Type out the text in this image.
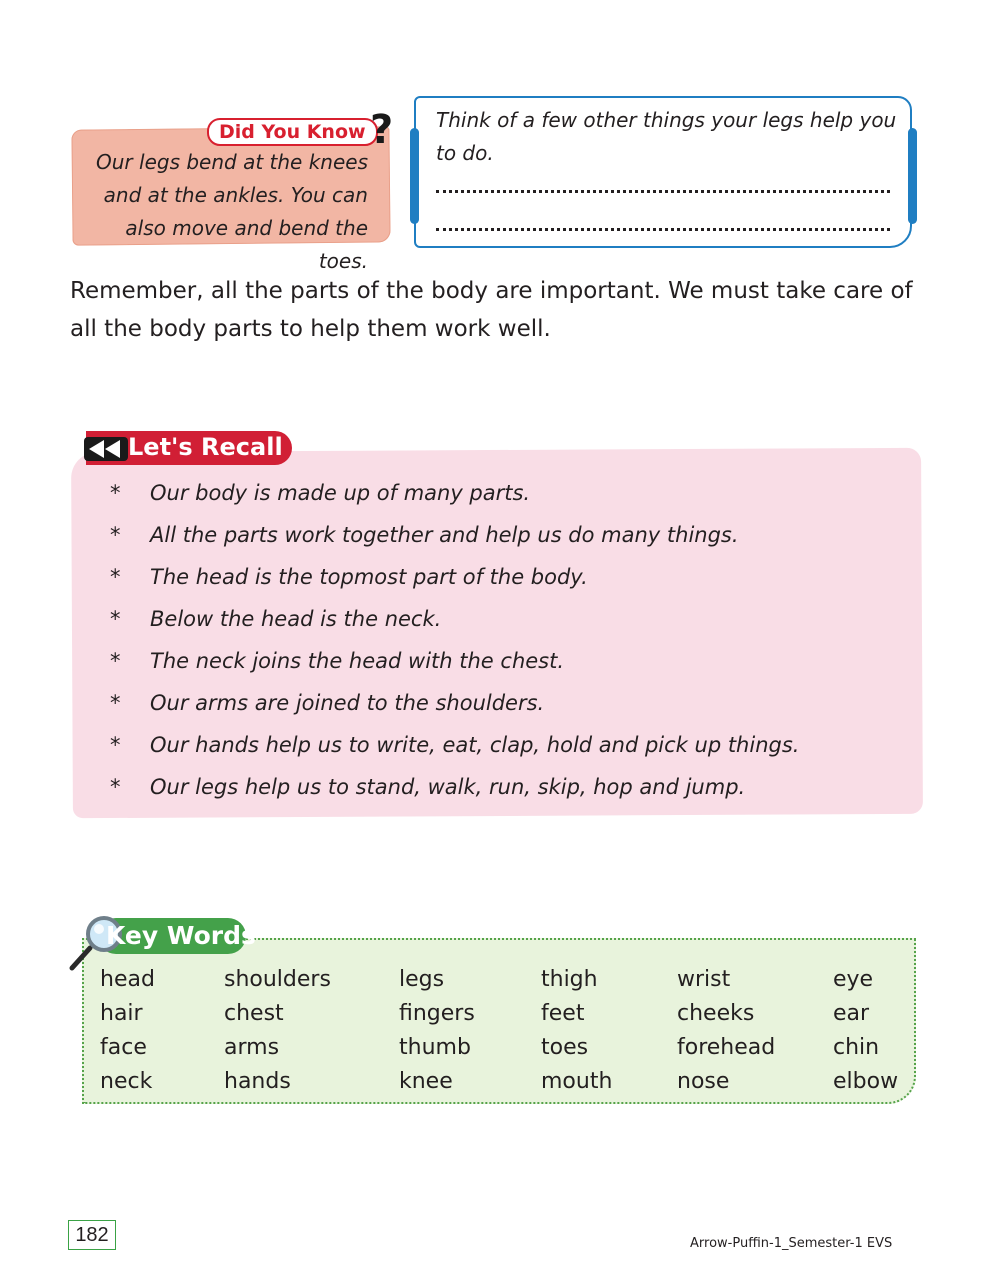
Did You Know ?
Our legs bend at the knees
and at the ankles. You can
also move and bend the toes.
Think of a few other things your legs help you
to do.
Remember, all the parts of the body are important. We must take care of
all the body parts to help them work well.
Let's Recall
* Our body is made up of many parts.
* All the parts work together and help us do many things.
* The head is the topmost part of the body.
* Below the head is the neck.
* The neck joins the head with the chest.
* Our arms are joined to the shoulders.
* Our hands help us to write, eat, clap, hold and pick up things.
* Our legs help us to stand, walk, run, skip, hop and jump.
Key Words
head
hair
face
neck
shoulders
chest
arms
hands
legs
fingers
thumb
knee
thigh
feet
toes
mouth
wrist
cheeks
forehead
nose
eye
ear
chin
elbow
182	Arrow-Puffin-1_Semester-1 EVS
